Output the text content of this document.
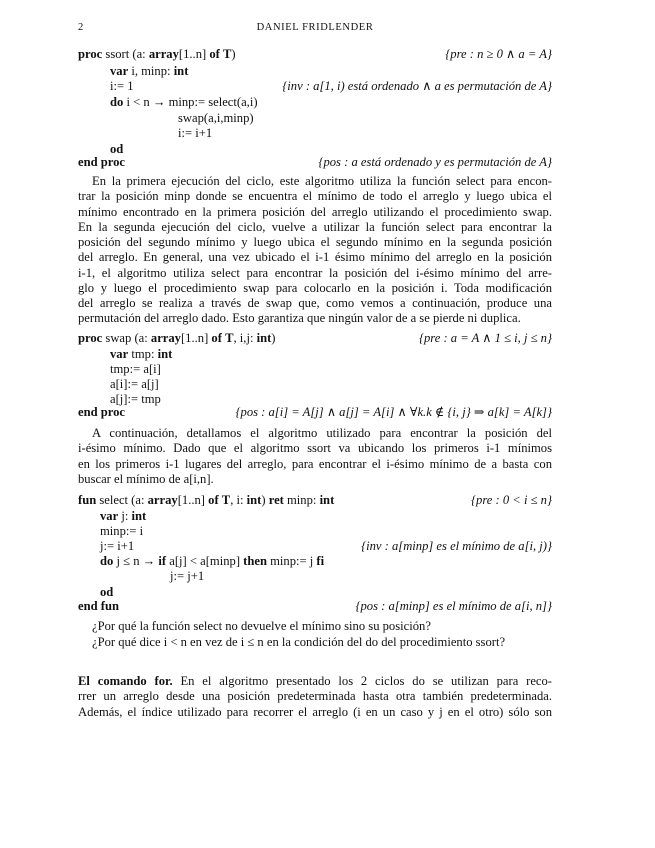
2	DANIEL FRIDLENDER
proc ssort (a: array[1..n] of T)	{pre : n ≥ 0 ∧ a = A}
var i, minp: int
i:= 1	{inv : a[1, i) está ordenado ∧ a es permutación de A}
do i < n → minp:= select(a,i)
swap(a,i,minp)
i:= i+1
od
end proc	{pos : a está ordenado y es permutación de A}

En la primera ejecución del ciclo, este algoritmo utiliza la función select para encon-

trar la posición minp donde se encuentra el mínimo de todo el arreglo y luego ubica el

mínimo encontrado en la primera posición del arreglo utilizando el procedimiento swap.

En la segunda ejecución del ciclo, vuelve a utilizar la función select para encontrar la

posición del segundo mínimo y luego ubica el segundo mínimo en la segunda posición

del arreglo. En general, una vez ubicado el i-1 ésimo mínimo del arreglo en la posición

i-1, el algoritmo utiliza select para encontrar la posición del i-ésimo mínimo del arre-

glo y luego el procedimiento swap para colocarlo en la posición i. Toda modificación

del arreglo se realiza a través de swap que, como vemos a continuación, produce una

permutación del arreglo dado. Esto garantiza que ningún valor de a se pierde ni duplica.

proc swap (a: array[1..n] of T, i,j: int)	{pre : a = A ∧ 1 ≤ i, j ≤ n}
var tmp: int
tmp:= a[i]
a[i]:= a[j]
a[j]:= tmp
end proc	{pos : a[i] = A[j] ∧ a[j] = A[i] ∧ ∀k.k ∉ {i, j} ⇒ a[k] = A[k]}

A continuación, detallamos el algoritmo utilizado para encontrar la posición del

i-ésimo mínimo. Dado que el algoritmo ssort va ubicando los primeros i-1 mínimos

en los primeros i-1 lugares del arreglo, para encontrar el i-ésimo mínimo de a basta con

buscar el mínimo de a[i,n].

fun select (a: array[1..n] of T, i: int) ret minp: int	{pre : 0 < i ≤ n}
var j: int
minp:= i
j:= i+1	{inv : a[minp] es el mínimo de a[i, j)}
do j ≤ n → if a[j] < a[minp] then minp:= j fi
j:= j+1
od
end fun	{pos : a[minp] es el mínimo de a[i, n]}
¿Por qué la función select no devuelve el mínimo sino su posición?
¿Por qué dice i < n en vez de i ≤ n en la condición del do del procedimiento ssort?

El comando for. En el algoritmo presentado los 2 ciclos do se utilizan para reco-

rrer un arreglo desde una posición predeterminada hasta otra también predeterminada.

Además, el índice utilizado para recorrer el arreglo (i en un caso y j en el otro) sólo son
